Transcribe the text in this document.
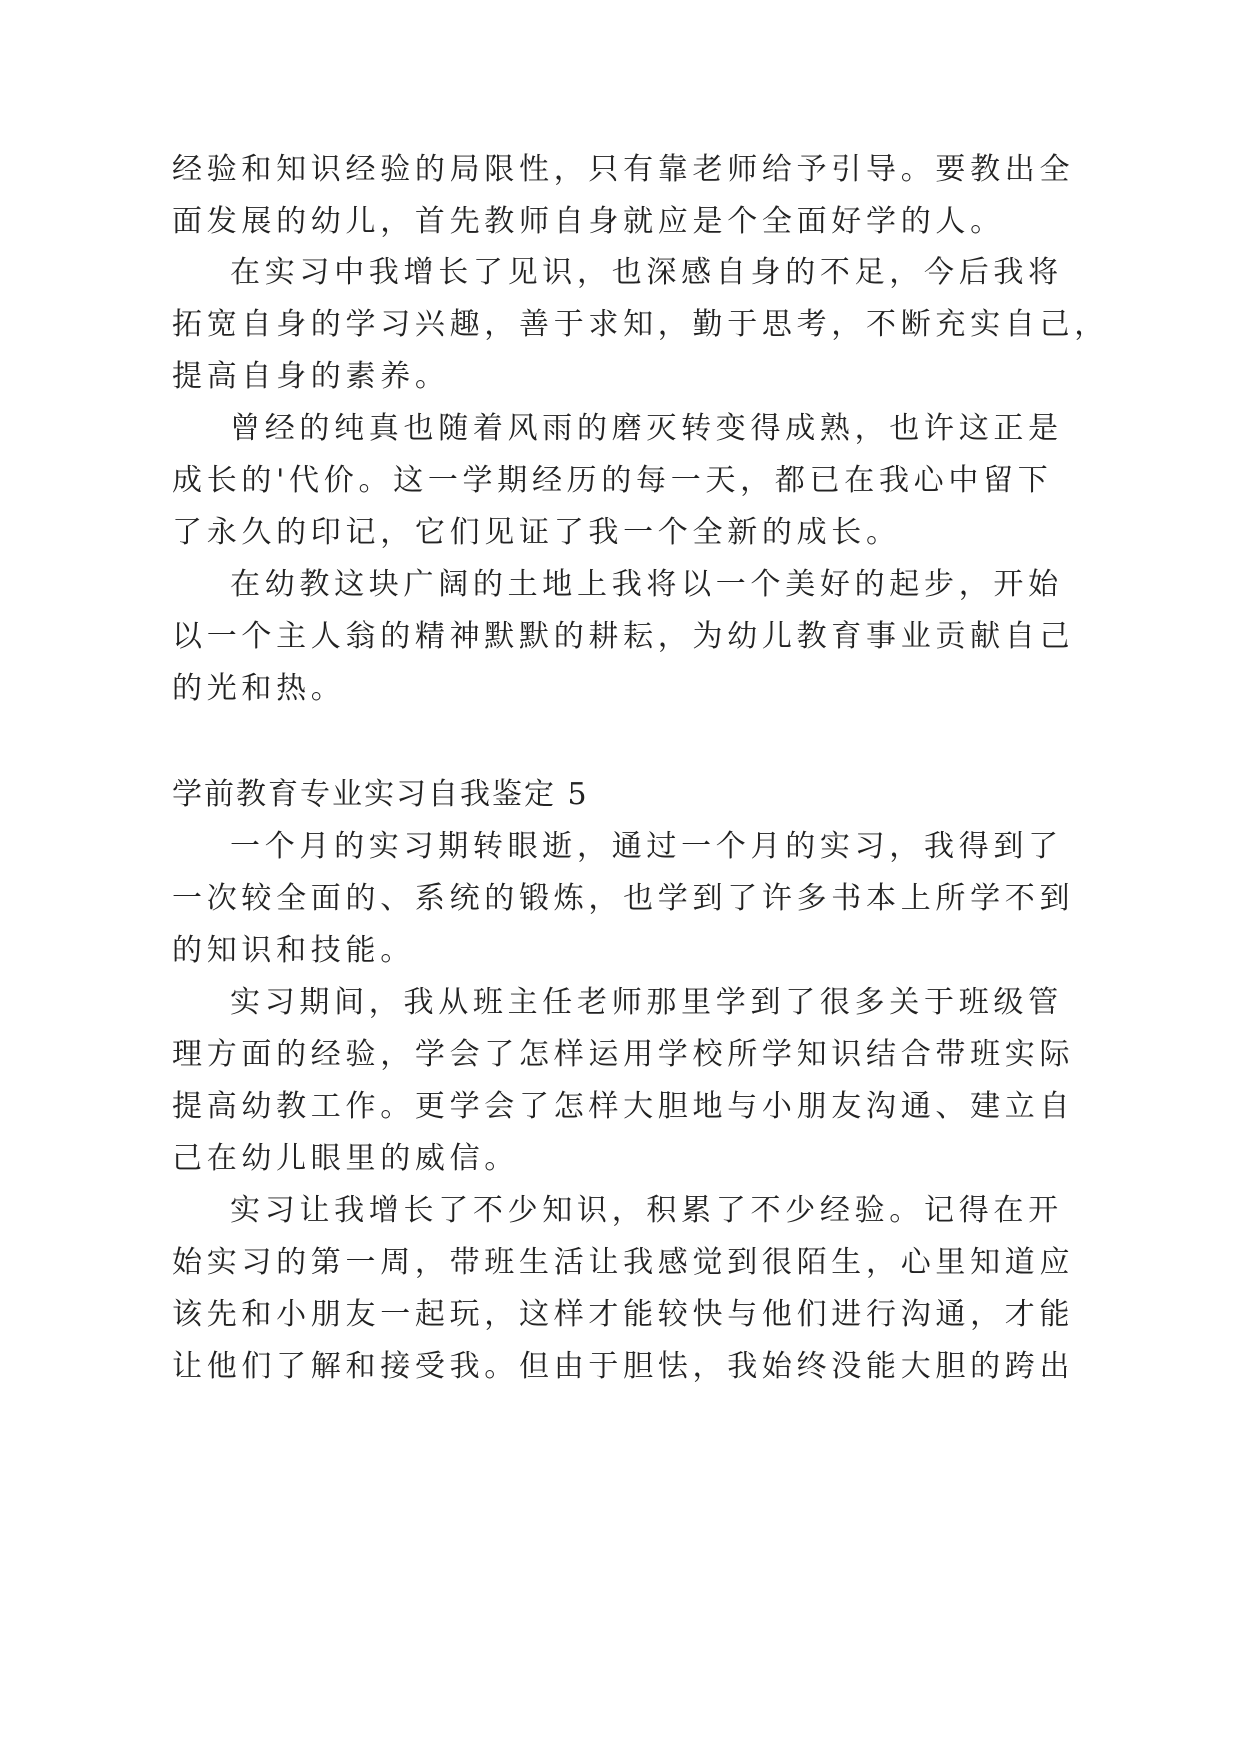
经验和知识经验的局限性，只有靠老师给予引导。要教出全
面发展的幼儿，首先教师自身就应是个全面好学的人。
在实习中我增长了见识，也深感自身的不足，今后我将
拓宽自身的学习兴趣，善于求知，勤于思考，不断充实自己，
提高自身的素养。
曾经的纯真也随着风雨的磨灭转变得成熟，也许这正是
成长的'代价。这一学期经历的每一天，都已在我心中留下
了永久的印记，它们见证了我一个全新的成长。
在幼教这块广阔的土地上我将以一个美好的起步，开始
以一个主人翁的精神默默的耕耘，为幼儿教育事业贡献自己
的光和热。
学前教育专业实习自我鉴定 5
一个月的实习期转眼逝，通过一个月的实习，我得到了
一次较全面的、系统的锻炼，也学到了许多书本上所学不到
的知识和技能。
实习期间，我从班主任老师那里学到了很多关于班级管
理方面的经验，学会了怎样运用学校所学知识结合带班实际
提高幼教工作。更学会了怎样大胆地与小朋友沟通、建立自
己在幼儿眼里的威信。
实习让我增长了不少知识，积累了不少经验。记得在开
始实习的第一周，带班生活让我感觉到很陌生，心里知道应
该先和小朋友一起玩，这样才能较快与他们进行沟通，才能
让他们了解和接受我。但由于胆怯，我始终没能大胆的跨出
